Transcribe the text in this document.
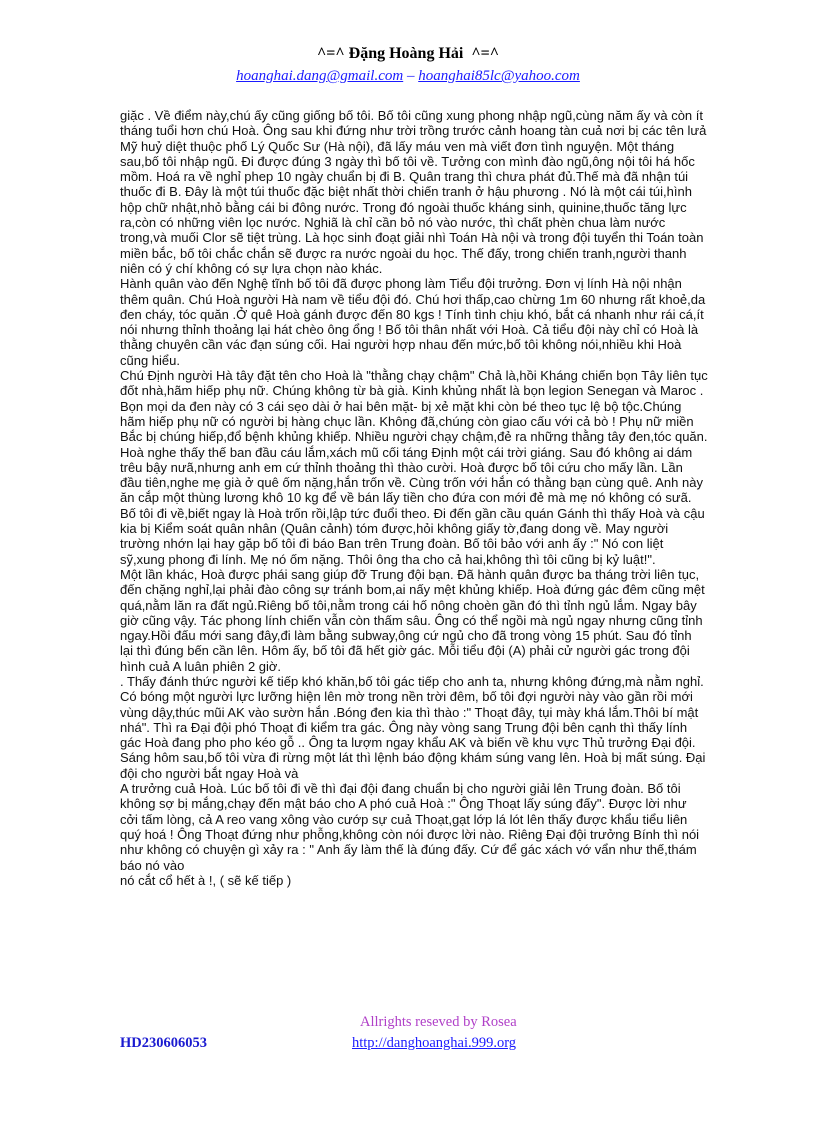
^=^ Đặng Hoàng Hải  ^=^
hoanghai.dang@gmail.com – hoanghai85lc@yahoo.com

giặc . Về điểm này,chú ấy cũng giống bố tôi. Bố tôi cũng xung phong nhập ngũ,cùng năm ấy và còn ít tháng tuổi hơn chú Hoà. Ông sau khi đứng như trời trồng trước cảnh hoang tàn cuả nơi bị các tên lưả Mỹ huỷ diệt thuộc phố Lý Quốc Sư (Hà nội), đã lấy máu ven mà viết đơn tình nguyện. Một tháng sau,bố tôi nhập ngũ. Đi được đúng 3 ngày thì bố tôi về. Tưởng con mình đào ngũ,ông nội tôi há hốc mồm. Hoá ra về nghỉ phep 10 ngày chuẩn bị đi B. Quân trang thì chưa phát đủ.Thế mà đã nhận túi thuốc đi B. Đây là một túi thuốc đặc biệt nhất thời chiến tranh ở hậu phương . Nó là một cái túi,hình hộp chữ nhật,nhỏ bằng cái bi đông nước. Trong đó ngoài thuốc kháng sinh, quinine,thuốc tăng lực ra,còn có những viên lọc nước. Nghiã là chỉ cần bỏ nó vào nước, thì chất phèn chua làm nước trong,và muối Clor sẽ tiệt trùng. Là học sinh đoạt giải nhì Toán Hà nội và trong đội tuyển thi Toán toàn miền bắc, bố tôi chắc chắn sẽ được ra nước ngoài du học. Thế đấy, trong chiến tranh,người thanh niên có ý chí không có sự lựa chọn nào khác.

Hành quân vào đến Nghệ tĩnh bố tôi đã được phong làm Tiểu đội trưởng. Đơn vị lính Hà nội nhận thêm quân. Chú Hoà người Hà nam về tiểu đội đó. Chú hơi thấp,cao chừng 1m 60 nhưng rất khoẻ,da đen cháy, tóc quăn .Ở quê Hoà gánh được đến 80 kgs ! Tính tình chịu khó, bắt cá nhanh như rái cá,ít nói nhưng thỉnh thoảng lại hát chèo ông ổng ! Bố tôi thân nhất với Hoà. Cả tiểu đội này chỉ có Hoà là thằng chuyên cần vác đạn súng cối. Hai người hợp nhau đến mức,bố tôi không nói,nhiều khi Hoà cũng hiểu.

Chú Định người Hà tây đặt tên cho Hoà là "thằng chạy chậm" Chả là,hồi Kháng chiến bọn Tây liên tục đốt nhà,hãm hiếp phụ nữ. Chúng không từ bà già. Kinh khủng nhất là bọn legion Senegan và Maroc . Bọn mọi da đen này có 3 cái sẹo dài ở hai bên mặt- bị xẻ mặt khi còn bé theo tục lệ bộ tộc.Chúng hãm hiếp phụ nữ có người bị hàng chục lần. Không đã,chúng còn giao cấu với cả bò ! Phụ nữ miền Bắc bị chúng hiếp,đổ bệnh khủng khiếp. Nhiều người chạy chậm,đẻ ra những thằng tây đen,tóc quăn.

Hoà nghe thấy thế ban đầu cáu lắm,xách mũ cối táng Định một cái trời giáng. Sau đó không ai dám trêu bậy nưã,nhưng anh em cứ thỉnh thoảng thì thào cười. Hoà được bố tôi cứu cho mấy lần. Lần đầu tiên,nghe mẹ già ở quê ốm nặng,hắn trốn về. Cùng trốn với hắn có thằng bạn cùng quê. Anh này ăn cắp một thùng lương khô 10 kg để về bán lấy tiền cho đứa con mới đẻ mà mẹ nó không có sưã. Bố tôi đi về,biết ngay là Hoà trốn rồi,lập tức đuổi theo. Đi đến gần cầu quán Gánh thì thấy Hoà và cậu kia bị Kiểm soát quân nhân (Quân cảnh) tóm được,hỏi không giấy tờ,đang dong về. May người trường nhớn lại hay gặp bố tôi đi báo Ban trên Trung đoàn. Bố tôi bảo với anh ấy :" Nó con liệt sỹ,xung phong đi lính. Mẹ nó ốm nặng. Thôi ông tha cho cả hai,không thì tôi cũng bị kỷ luật!".

Một lần khác, Hoà được phái sang giúp đỡ Trung đội bạn. Đã hành quân được ba tháng trời liên tục, đến chặng nghỉ,lại phải đào công sự tránh bom,ai nấy mệt khủng khiếp. Hoà đứng gác đêm cũng mệt quá,nằm lăn ra đất ngủ.Riêng bố tôi,nằm trong cái hố nông choèn gần đó thì tỉnh ngủ lắm. Ngay bây giờ cũng vậy. Tác phong lính chiến vẫn còn thấm sâu. Ông có thể ngồi mà ngủ ngay nhưng cũng tỉnh ngay.Hồi đấu mới sang đây,đi làm bằng subway,ông cứ ngủ cho đã trong vòng 15 phút. Sau đó tỉnh lại thì đúng bến cần lên. Hôm ấy, bố tôi đã hết giờ gác. Mỗi tiểu đội (A) phải cử người gác trong đội hình cuả A luân phiên 2 giờ.

. Thấy đánh thức người kế tiếp khó khăn,bố tôi gác tiếp cho anh ta, nhưng không đứng,mà nằm nghỉ. Có bóng một người lực lưỡng hiện lên mờ trong nền trời đêm, bố tôi đợi người này vào gần rồi mới vùng dậy,thúc mũi AK vào sườn hắn .Bóng đen kia thì thào :" Thoạt đây, tụi mày khá lắm.Thôi bí mật nhá". Thì ra Đại đội phó Thoạt đi kiểm tra gác. Ông này vòng sang Trung đội bên cạnh thì thấy lính gác Hoà đang pho pho kéo gỗ .. Ông ta lượm ngay khẩu AK và biến về khu vực Thủ trưởng Đại đội. Sáng hôm sau,bố tôi vừa đi rừng một lát thì lệnh báo động khám súng vang lên. Hoà bị mất súng. Đại đội cho người bắt ngay Hoà và

A trưởng cuả Hoà. Lúc bố tôi đi về thì đại đội đang chuẩn bị cho người giải lên Trung đoàn. Bố tôi không sợ bị mắng,chạy đến mật báo cho A phó cuả Hoà :" Ông Thoạt lấy súng đấy". Được lời như cởi tấm lòng, cả A reo vang xông vào cướp sự cuả Thoạt,gạt lớp lá lót lên thấy được khẩu tiểu liên quý hoá ! Ông Thoạt đứng như phỗng,không còn nói được lời nào. Riêng Đại đội trưởng Bính thì nói như không có chuyện gì xảy ra : " Anh ấy làm thế là đúng đấy. Cứ để gác xách vớ vẩn như thế,thám báo nó vào

nó cắt cổ hết à !, ( sẽ kế tiếp )

Allrights reseved by Rosea
HD230606053	http://danghoanghai.999.org
